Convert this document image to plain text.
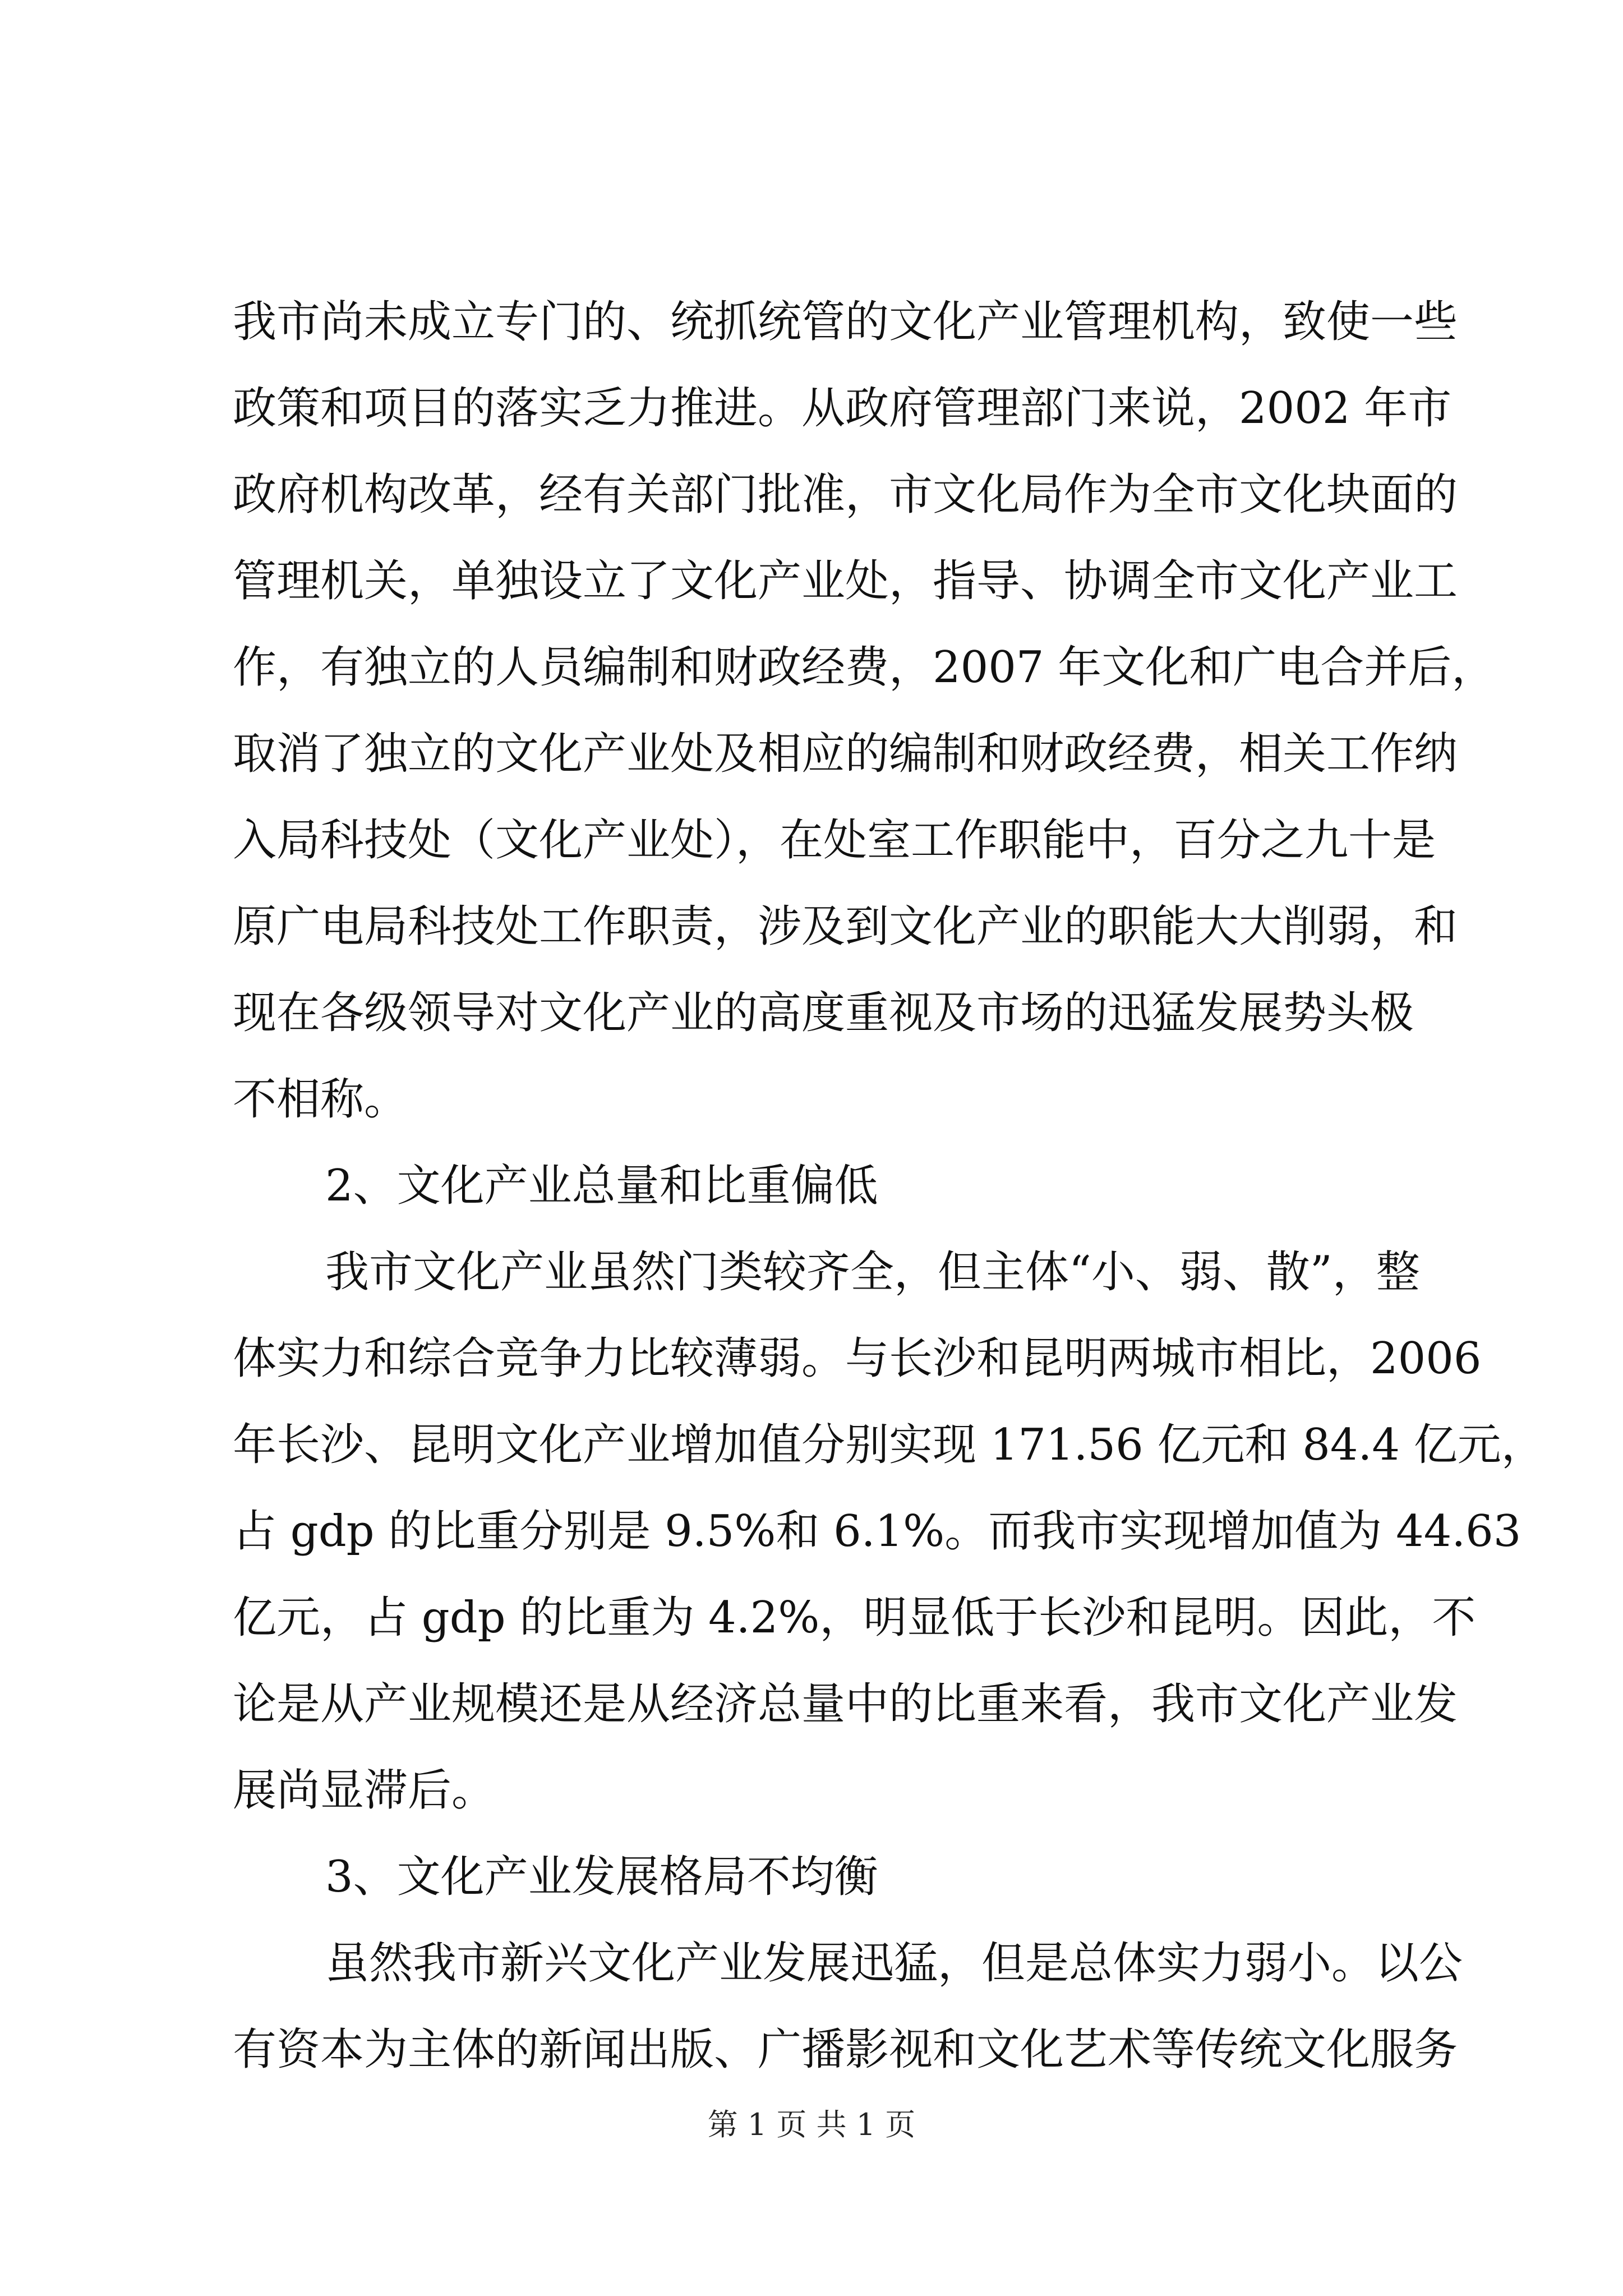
我市尚未成立专门的、统抓统管的文化产业管理机构，致使一些
政策和项目的落实乏力推进。从政府管理部门来说，2002 年市
政府机构改革，经有关部门批准，市文化局作为全市文化块面的
管理机关，单独设立了文化产业处，指导、协调全市文化产业工
作，有独立的人员编制和财政经费，2007 年文化和广电合并后，
取消了独立的文化产业处及相应的编制和财政经费，相关工作纳
入局科技处（文化产业处），在处室工作职能中，百分之九十是
原广电局科技处工作职责，涉及到文化产业的职能大大削弱，和
现在各级领导对文化产业的高度重视及市场的迅猛发展势头极
不相称。
2、文化产业总量和比重偏低
我市文化产业虽然门类较齐全，但主体“小、弱、散”，整
体实力和综合竞争力比较薄弱。与长沙和昆明两城市相比，2006
年长沙、昆明文化产业增加值分别实现 171.56 亿元和 84.4 亿元，
占 gdp 的比重分别是 9.5%和 6.1%。而我市实现增加值为 44.63
亿元，占 gdp 的比重为 4.2%，明显低于长沙和昆明。因此，不
论是从产业规模还是从经济总量中的比重来看，我市文化产业发
展尚显滞后。
3、文化产业发展格局不均衡
虽然我市新兴文化产业发展迅猛，但是总体实力弱小。以公
有资本为主体的新闻出版、广播影视和文化艺术等传统文化服务
第 1 页 共 1 页
